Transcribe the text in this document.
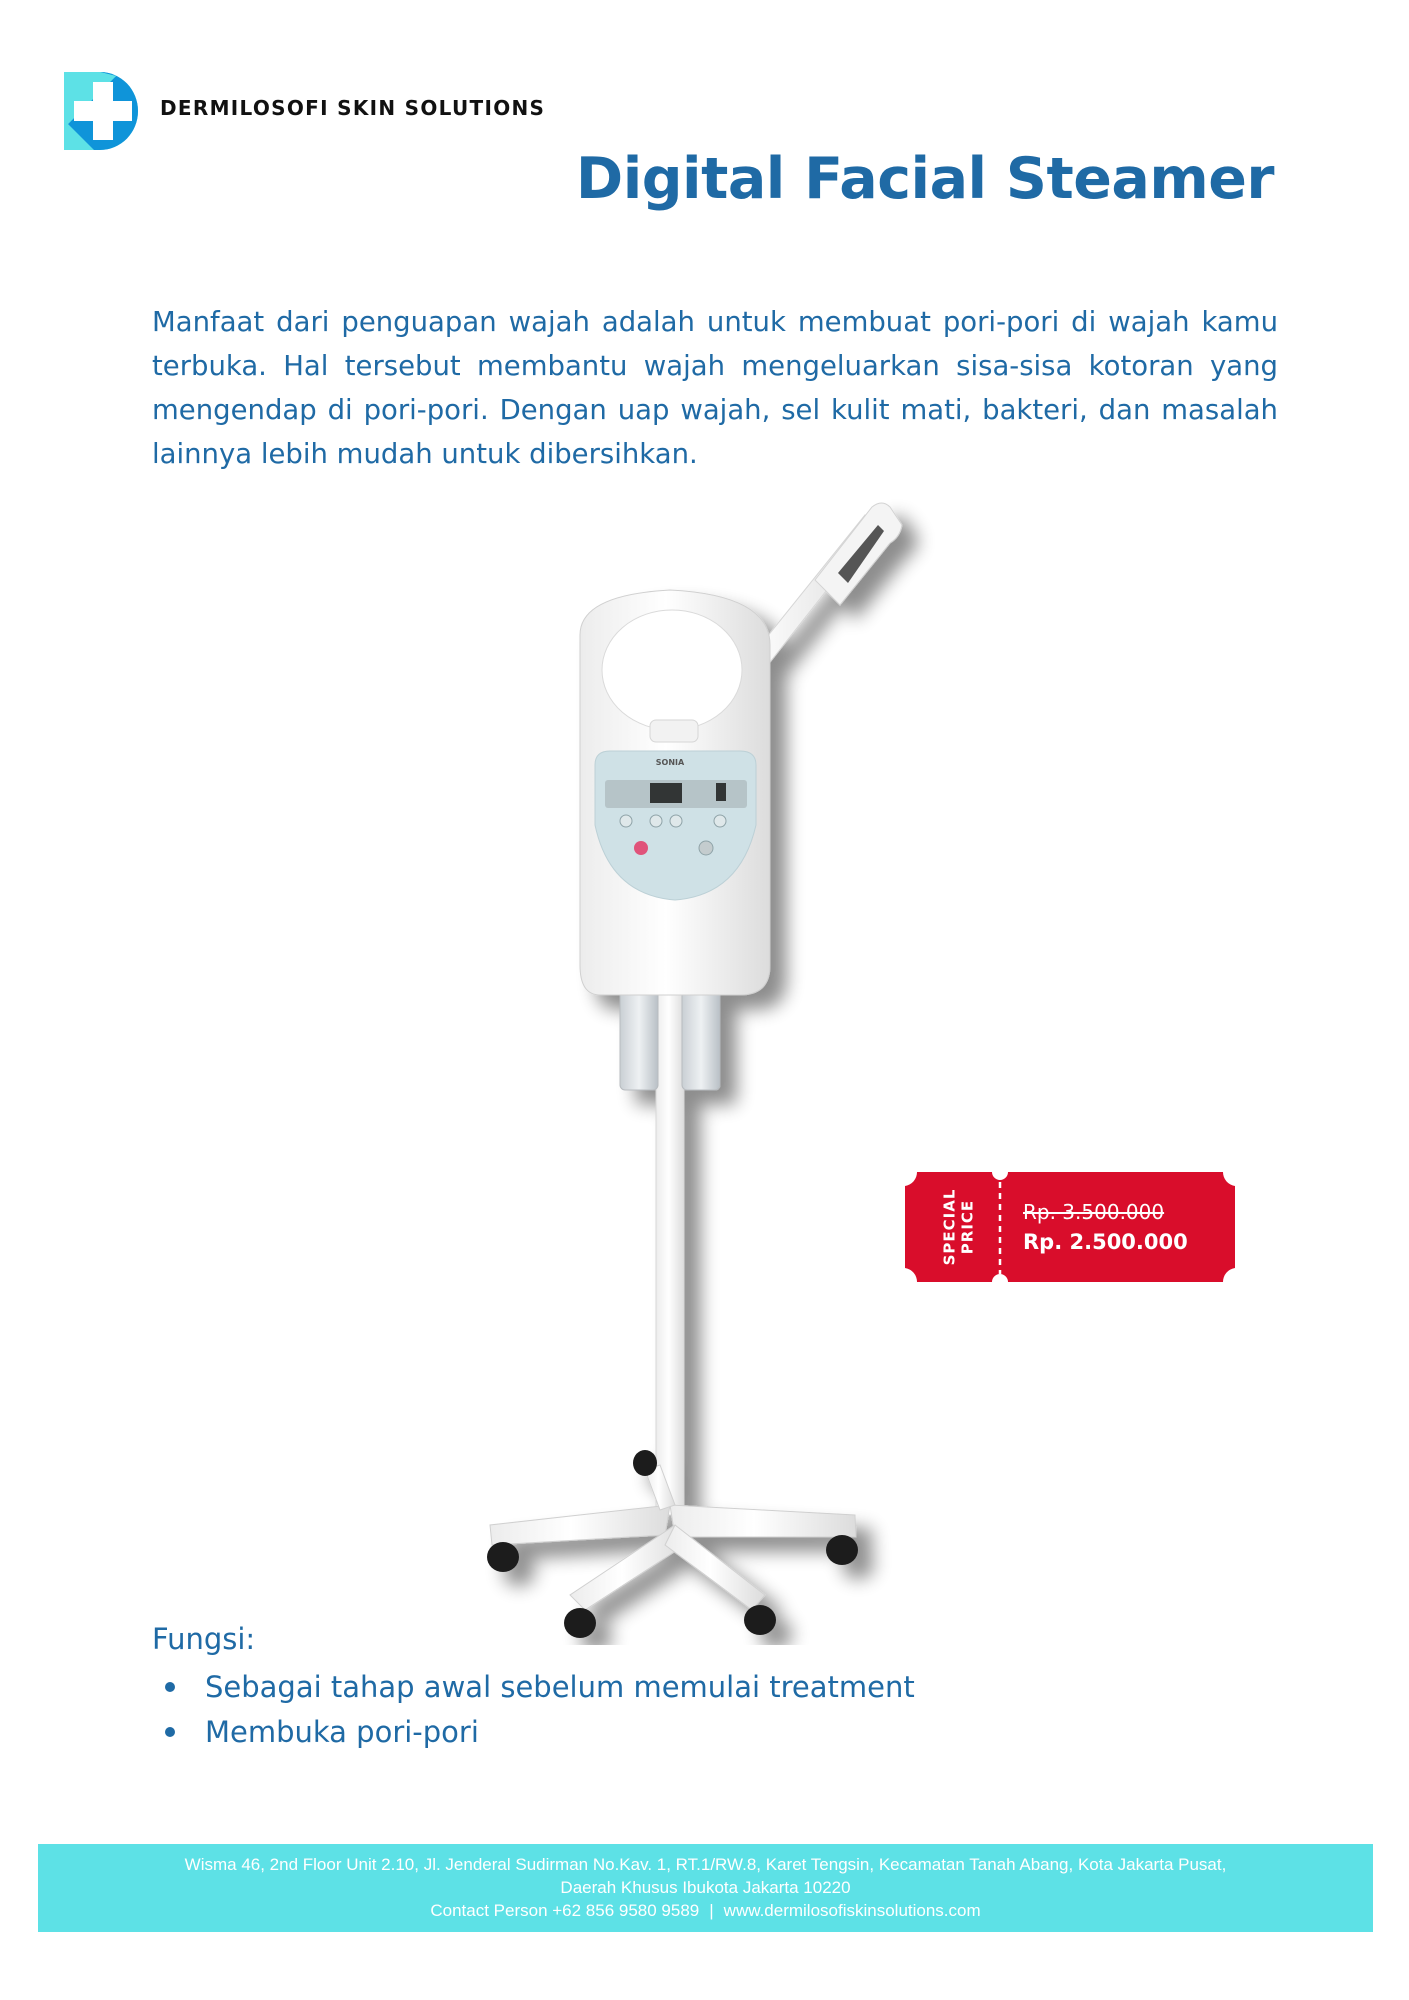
DERMILOSOFI SKIN SOLUTIONS
Digital Facial Steamer

Manfaat dari penguapan wajah adalah untuk membuat pori-pori di wajah kamu terbuka. Hal tersebut membantu wajah mengeluarkan sisa-sisa kotoran yang mengendap di pori-pori. Dengan uap wajah, sel kulit mati, bakteri, dan masalah lainnya lebih mudah untuk dibersihkan.

SONIA
SPECIAL PRICE Rp. 3.500.000
Rp. 2.500.000
Fungsi:
Sebagai tahap awal sebelum memulai treatment
Membuka pori-pori
Wisma 46, 2nd Floor Unit 2.10, Jl. Jenderal Sudirman No.Kav. 1, RT.1/RW.8, Karet Tengsin, Kecamatan Tanah Abang, Kota Jakarta Pusat,
Daerah Khusus Ibukota Jakarta 10220
Contact Person +62 856 9580 9589 | www.dermilosofiskinsolutions.com
